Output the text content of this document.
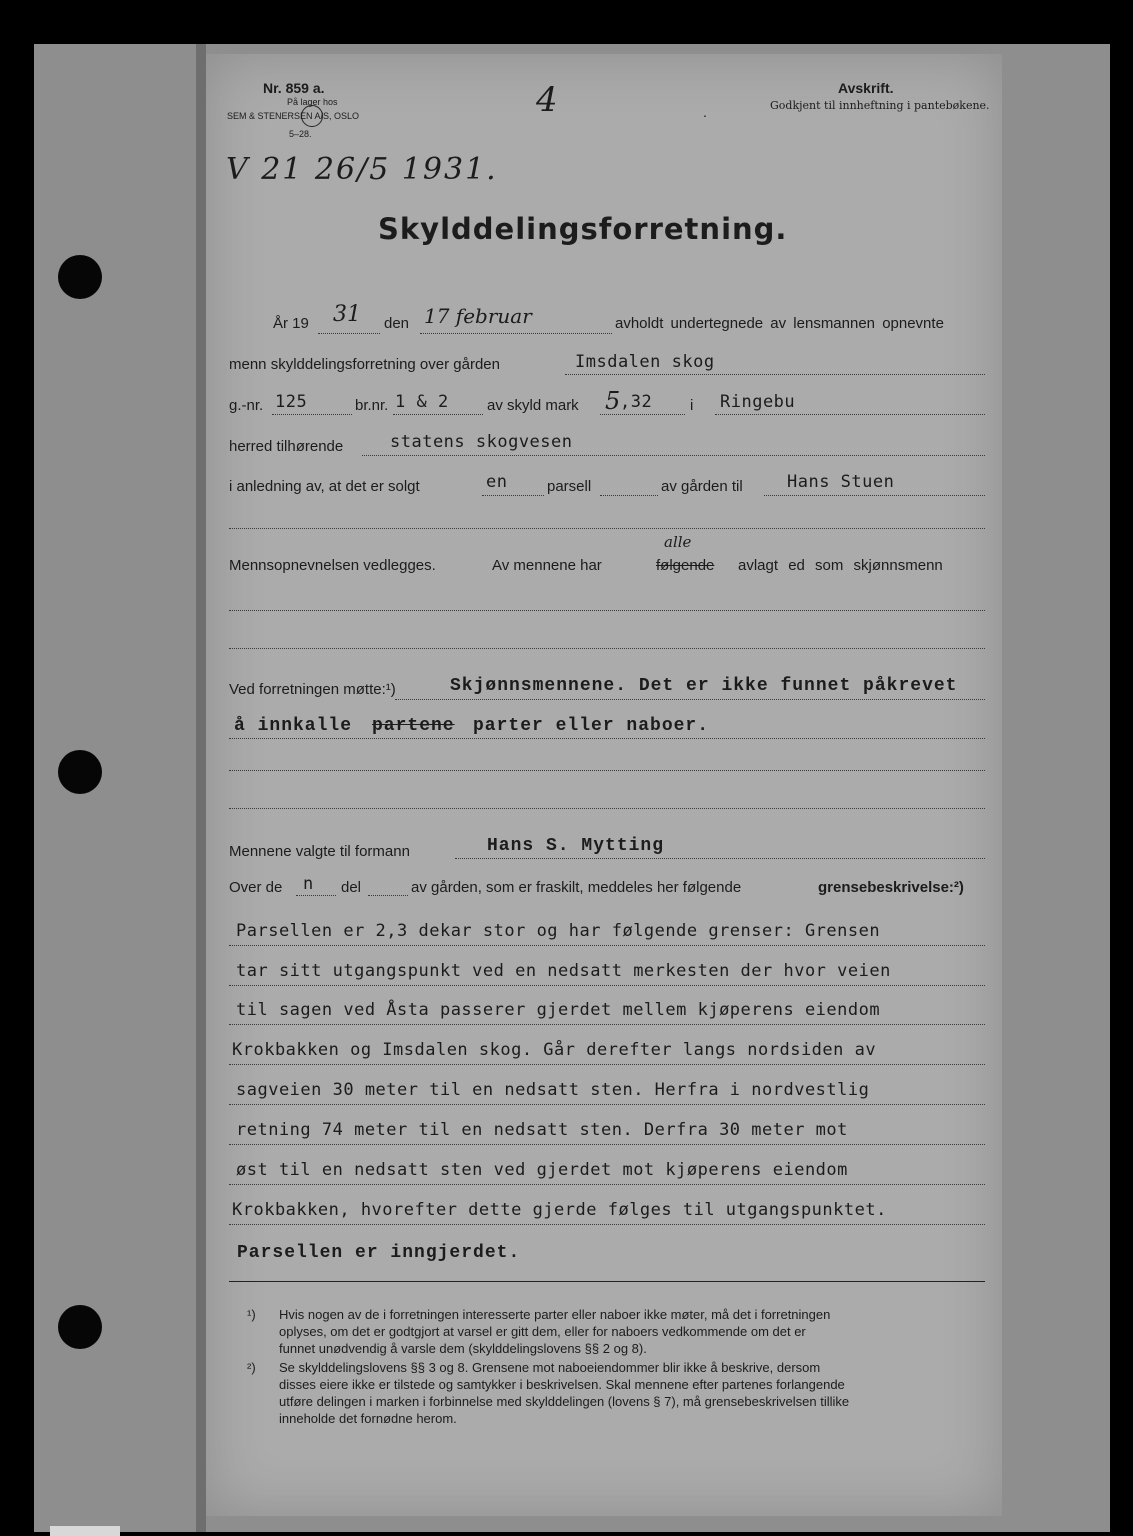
Nr. 859 a.
På lager hos
SEM & STENERSEN A/S, OSLO
5–28.
4	.
Avskrift.
Godkjent til innheftning i pantebøkene.
V 21 26/5 1931.
Skylddelingsforretning.
År 19 31 den 17 februar	avholdt undertegnede av lensmannen opnevnte
menn skylddelingsforretning over gården	Imsdalen skog
g.-nr. 125	br.nr. 1 & 2	av skyld mark 5 ,32	i Ringebu
herred tilhørende	statens skogvesen
i anledning av, at det er solgt	en	parsell	av gården til	Hans Stuen
Mennsopnevnelsen vedlegges.	Av mennene har
alle
følgende avlagt ed som skjønnsmenn
Ved forretningen møtte:¹)	Skjønnsmennene. Det er ikke funnet påkrevet
å innkalle partene parter eller naboer.
Mennene valgte til formann	Hans S. Mytting
Over de n del	av gården, som er fraskilt, meddeles her følgende	grensebeskrivelse:²)
Parsellen er 2,3 dekar stor og har følgende grenser: Grensen
tar sitt utgangspunkt ved en nedsatt merkesten der hvor veien
til sagen ved Åsta passerer gjerdet mellem kjøperens eiendom
Krokbakken og Imsdalen skog. Går derefter langs nordsiden av
sagveien 30 meter til en nedsatt sten. Herfra i nordvestlig
retning 74 meter til en nedsatt sten. Derfra 30 meter mot
øst til en nedsatt sten ved gjerdet mot kjøperens eiendom
Krokbakken, hvorefter dette gjerde følges til utgangspunktet.
Parsellen er inngjerdet.
¹) Hvis nogen av de i forretningen interesserte parter eller naboer ikke møter, må det i forretningen
oplyses, om det er godtgjort at varsel er gitt dem, eller for naboers vedkommende om det er
funnet unødvendig å varsle dem (skylddelingslovens §§ 2 og 8).
²) Se skylddelingslovens §§ 3 og 8. Grensene mot naboeiendommer blir ikke å beskrive, dersom
disses eiere ikke er tilstede og samtykker i beskrivelsen. Skal mennene efter partenes forlangende
utføre delingen i marken i forbinnelse med skylddelingen (lovens § 7), må grensebeskrivelsen tillike
inneholde det fornødne herom.
